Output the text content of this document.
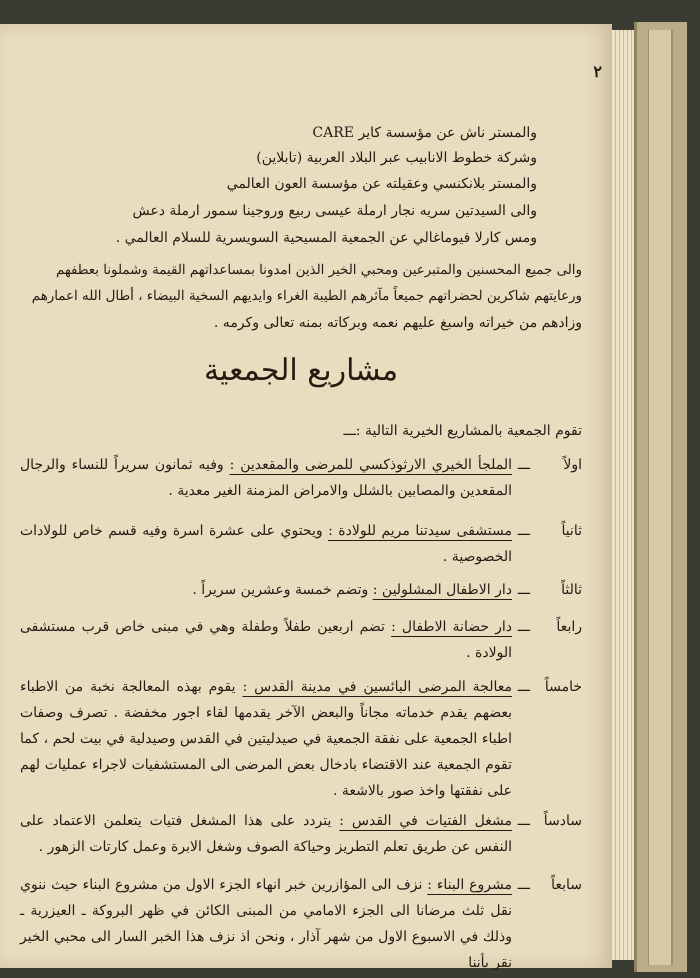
٢
والمستر ناش عن مؤسسة كاير CARE
وشركة خطوط الانابيب عبر البلاد العربية (تابلاين)
والمستر بلانكنسي وعقيلته عن مؤسسة العون العالمي
والى السيدتين سريه نجار ارملة عيسى ربيع وروجينا سمور ارملة دعش
ومس كارلا فيوماغالي عن الجمعية المسيحية السويسرية للسلام العالمي .
والى جميع المحسنين والمتبرعين ومحبي الخير الذين امدونا بمساعداتهم القيمة وشملونا بعطفهم
ورعايتهم شاكرين لحضراتهم جميعاً مآثرهم الطيبة الغراء وايديهم السخية البيضاء ، أطال الله اعمارهم
وزادهم من خيراته واسبغ عليهم نعمه وبركاته بمنه تعالى وكرمه .
مشاريع الجمعية
تقوم الجمعية بالمشاريع الخيرية التالية :ـــ
اولاً
ـــ
الملجأ الخيري الارثوذكسي للمرضى والمقعدين : وفيه ثمانون سريراً للنساء والرجال المقعدين والمصابين بالشلل والامراض المزمنة الغير معدية .
ثانياً
ـــ
مستشفى سيدتنا مريم للولادة : ويحتوي على عشرة اسرة وفيه قسم خاص للولادات الخصوصية .
ثالثاً
ـــ
دار الاطفال المشلولين : وتضم خمسة وعشرين سريراً .
رابعاً
ـــ
دار حضانة الاطفال : تضم اربعين طفلاً وطفلة وهي في مبنى خاص قرب مستشفى الولادة .
خامساً
ـــ
معالجة المرضى البائسين في مدينة القدس : يقوم بهذه المعالجة نخبة من الاطباء بعضهم يقدم خدماته مجاناً والبعض الآخر يقدمها لقاء اجور مخفضة . تصرف وصفات اطباء الجمعية على نفقة الجمعية في صيدليتين في القدس وصيدلية في بيت لحم ، كما تقوم الجمعية عند الاقتضاء بادخال بعض المرضى الى المستشفيات لاجراء عمليات لهم على نفقتها واخذ صور بالاشعة .
سادساً
ـــ
مشغل الفتيات في القدس : يتردد على هذا المشغل فتيات يتعلمن الاعتماد على النفس عن طريق تعلم التطريز وحياكة الصوف وشغل الابرة وعمل كارتات الزهور .
سابعاً
ـــ
مشروع البناء : نزف الى المؤازرين خبر انهاء الجزء الاول من مشروع البناء حيث ننوي نقل ثلث مرضانا الى الجزء الامامي من المبنى الكائن في ظهر البروكة ـ العيزرية ـ وذلك في الاسبوع الاول من شهر آذار ، ونحن اذ نزف هذا الخبر السار الى محبي الخير نقر بأننا
